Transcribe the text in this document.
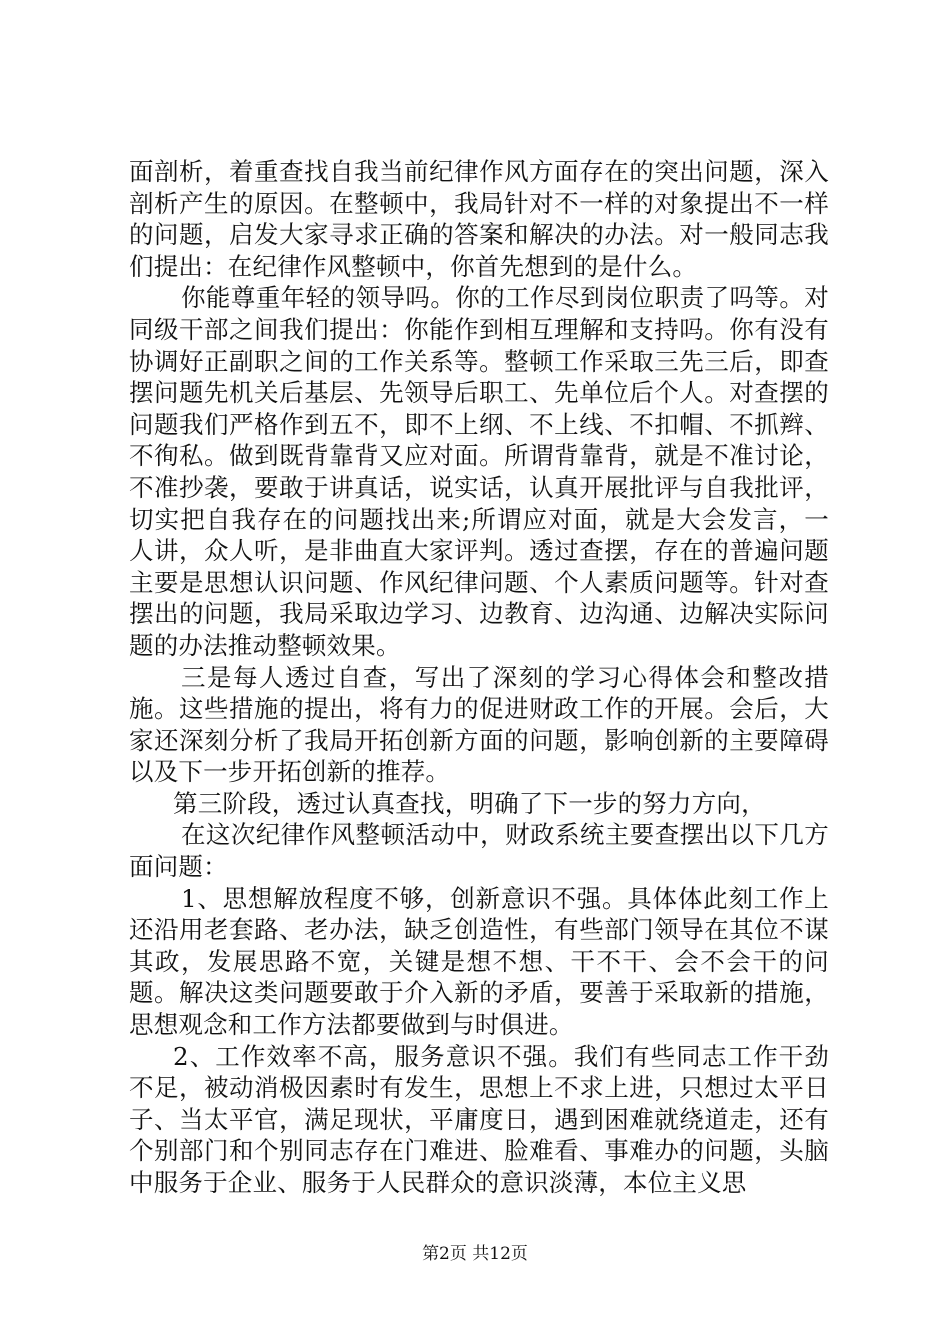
面剖析，着重查找自我当前纪律作风方面存在的突出问题，深入剖析产生的原因。在整顿中，我局针对不一样的对象提出不一样的问题，启发大家寻求正确的答案和解决的办法。对一般同志我们提出：在纪律作风整顿中，你首先想到的是什么。

你能尊重年轻的领导吗。你的工作尽到岗位职责了吗等。对同级干部之间我们提出：你能作到相互理解和支持吗。你有没有协调好正副职之间的工作关系等。整顿工作采取三先三后，即查摆问题先机关后基层、先领导后职工、先单位后个人。对查摆的问题我们严格作到五不，即不上纲、不上线、不扣帽、不抓辫、不徇私。做到既背靠背又应对面。所谓背靠背，就是不准讨论，不准抄袭，要敢于讲真话，说实话，认真开展批评与自我批评，切实把自我存在的问题找出来;所谓应对面，就是大会发言，一人讲，众人听，是非曲直大家评判。透过查摆，存在的普遍问题主要是思想认识问题、作风纪律问题、个人素质问题等。针对查摆出的问题，我局采取边学习、边教育、边沟通、边解决实际问题的办法推动整顿效果。

三是每人透过自查，写出了深刻的学习心得体会和整改措施。这些措施的提出，将有力的促进财政工作的开展。会后，大家还深刻分析了我局开拓创新方面的问题，影响创新的主要障碍以及下一步开拓创新的推荐。

第三阶段，透过认真查找，明确了下一步的努力方向，

在这次纪律作风整顿活动中，财政系统主要查摆出以下几方面问题：

1、思想解放程度不够，创新意识不强。具体体此刻工作上还沿用老套路、老办法，缺乏创造性，有些部门领导在其位不谋其政，发展思路不宽，关键是想不想、干不干、会不会干的问题。解决这类问题要敢于介入新的矛盾，要善于采取新的措施，思想观念和工作方法都要做到与时俱进。

2、工作效率不高，服务意识不强。我们有些同志工作干劲不足，被动消极因素时有发生，思想上不求上进，只想过太平日子、当太平官，满足现状，平庸度日，遇到困难就绕道走，还有个别部门和个别同志存在门难进、脸难看、事难办的问题，头脑中服务于企业、服务于人民群众的意识淡薄，本位主义思

第2页 共12页
